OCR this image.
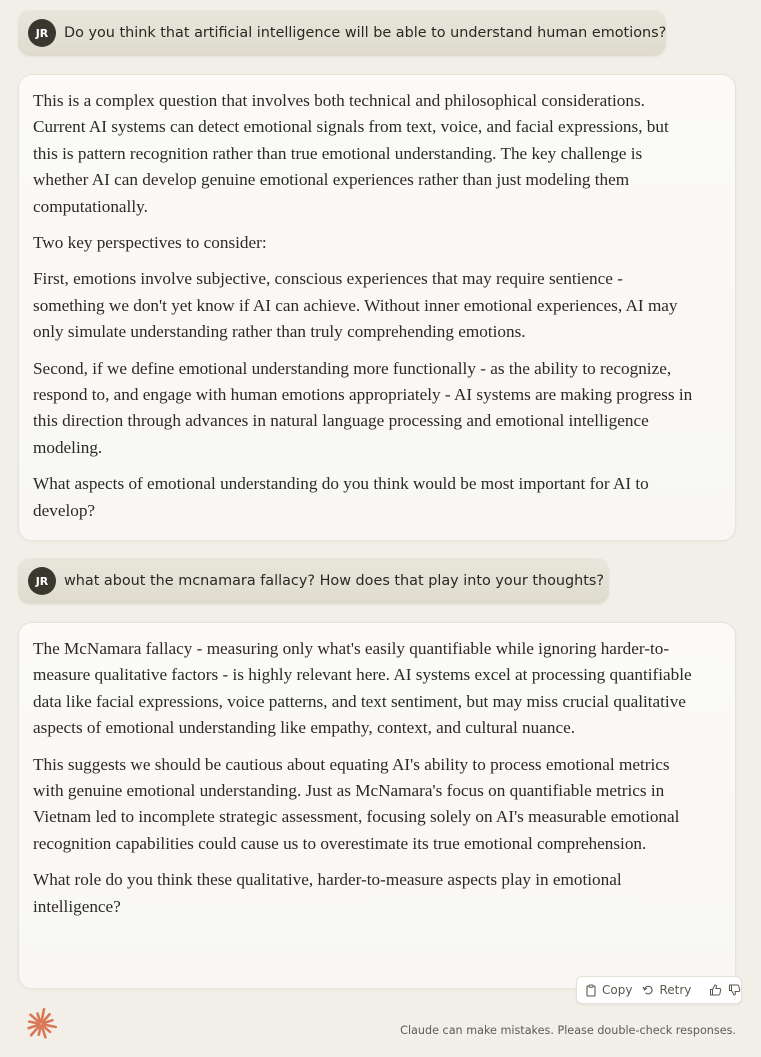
JR	Do you think that artificial intelligence will be able to understand human emotions?

This is a complex question that involves both technical and philosophical considerations. Current AI systems can detect emotional signals from text, voice, and facial expressions, but this is pattern recognition rather than true emotional understanding. The key challenge is whether AI can develop genuine emotional experiences rather than just modeling them computationally.

Two key perspectives to consider:

First, emotions involve subjective, conscious experiences that may require sentience - something we don't yet know if AI can achieve. Without inner emotional experiences, AI may only simulate understanding rather than truly comprehending emotions.

Second, if we define emotional understanding more functionally - as the ability to recognize, respond to, and engage with human emotions appropriately - AI systems are making progress in this direction through advances in natural language processing and emotional intelligence modeling.

What aspects of emotional understanding do you think would be most important for AI to develop?

JR	what about the mcnamara fallacy? How does that play into your thoughts?

The McNamara fallacy - measuring only what's easily quantifiable while ignoring harder-to-measure qualitative factors - is highly relevant here. AI systems excel at processing quantifiable data like facial expressions, voice patterns, and text sentiment, but may miss crucial qualitative aspects of emotional understanding like empathy, context, and cultural nuance.

This suggests we should be cautious about equating AI's ability to process emotional metrics with genuine emotional understanding. Just as McNamara's focus on quantifiable metrics in Vietnam led to incomplete strategic assessment, focusing solely on AI's measurable emotional recognition capabilities could cause us to overestimate its true emotional comprehension.

What role do you think these qualitative, harder-to-measure aspects play in emotional intelligence?

Copy Retry
Claude can make mistakes. Please double-check responses.
